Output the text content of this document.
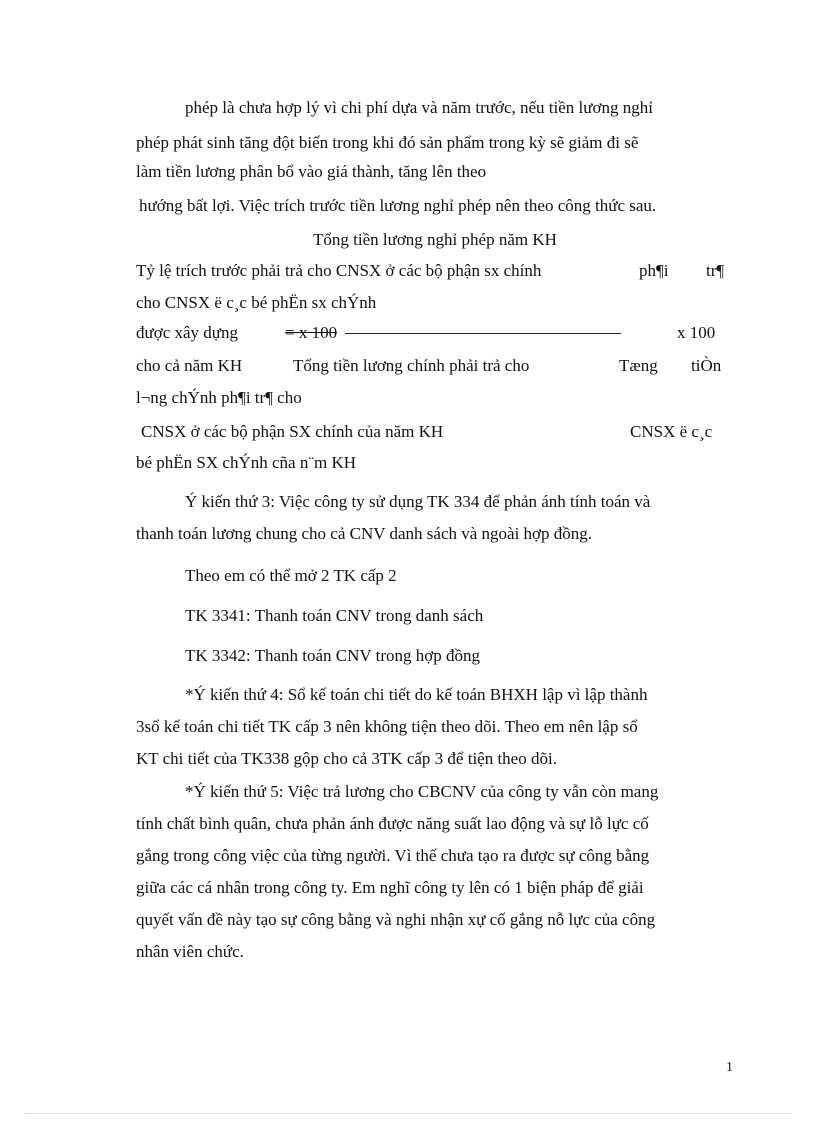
phép là chưa hợp lý vì chi phí dựa và năm trước, nếu tiền lương nghỉ
phép phát sinh tăng đột biến trong khi đó sản phẩm trong kỳ sẽ giảm đi sẽ
làm tiền lương phân bổ vào giá thành, tăng lên theo
hướng bất lợi. Việc trích trước tiền lương nghỉ phép nên theo công thức sau.
Tổng tiền lương nghỉ phép năm KH
Tỷ lệ trích trước phải trả cho CNSX ở các bộ phận sx chính	ph¶i tr¶
cho CNSX ë c¸c bé phËn sx chÝnh
được xây dựng	= x 100	x 100
cho cả năm KH	Tổng tiền lương chính phải trả cho	Tæng tiÒn
l¬ng chÝnh ph¶i tr¶ cho
CNSX ở các bộ phận SX chính của năm KH	CNSX ë c¸c
bé phËn SX chÝnh cña n¨m KH
Ý kiến thứ 3: Việc công ty sử dụng TK 334 để phản ánh tính toán và
thanh toán lương chung cho cả CNV danh sách và ngoài hợp đồng.
Theo em có thể mở 2 TK cấp 2
TK 3341: Thanh toán CNV trong danh sách
TK 3342: Thanh toán CNV trong hợp đồng
*Ý kiến thứ 4: Sổ kế toán chi tiết do kế toán BHXH lập vì lập thành
3sổ kế toán chi tiết TK cấp 3 nên không tiện theo dõi. Theo em nên lập sổ
KT chi tiết của TK338 gộp cho cả 3TK cấp 3 để tiện theo dõi.
*Ý kiến thứ 5: Việc trả lương cho CBCNV của công ty vẫn còn mang
tính chất bình quân, chưa phản ánh được năng suất lao động và sự lỗ lực cố
gắng trong công việc của từng người. Vì thế chưa tạo ra được sự công bằng
giữa các cá nhân trong công ty. Em nghĩ công ty lên có 1 biện pháp để giải
quyết vấn đề này tạo sự công bằng và nghi nhận xự cố gắng nỗ lực của công
nhân viên chức.
1
